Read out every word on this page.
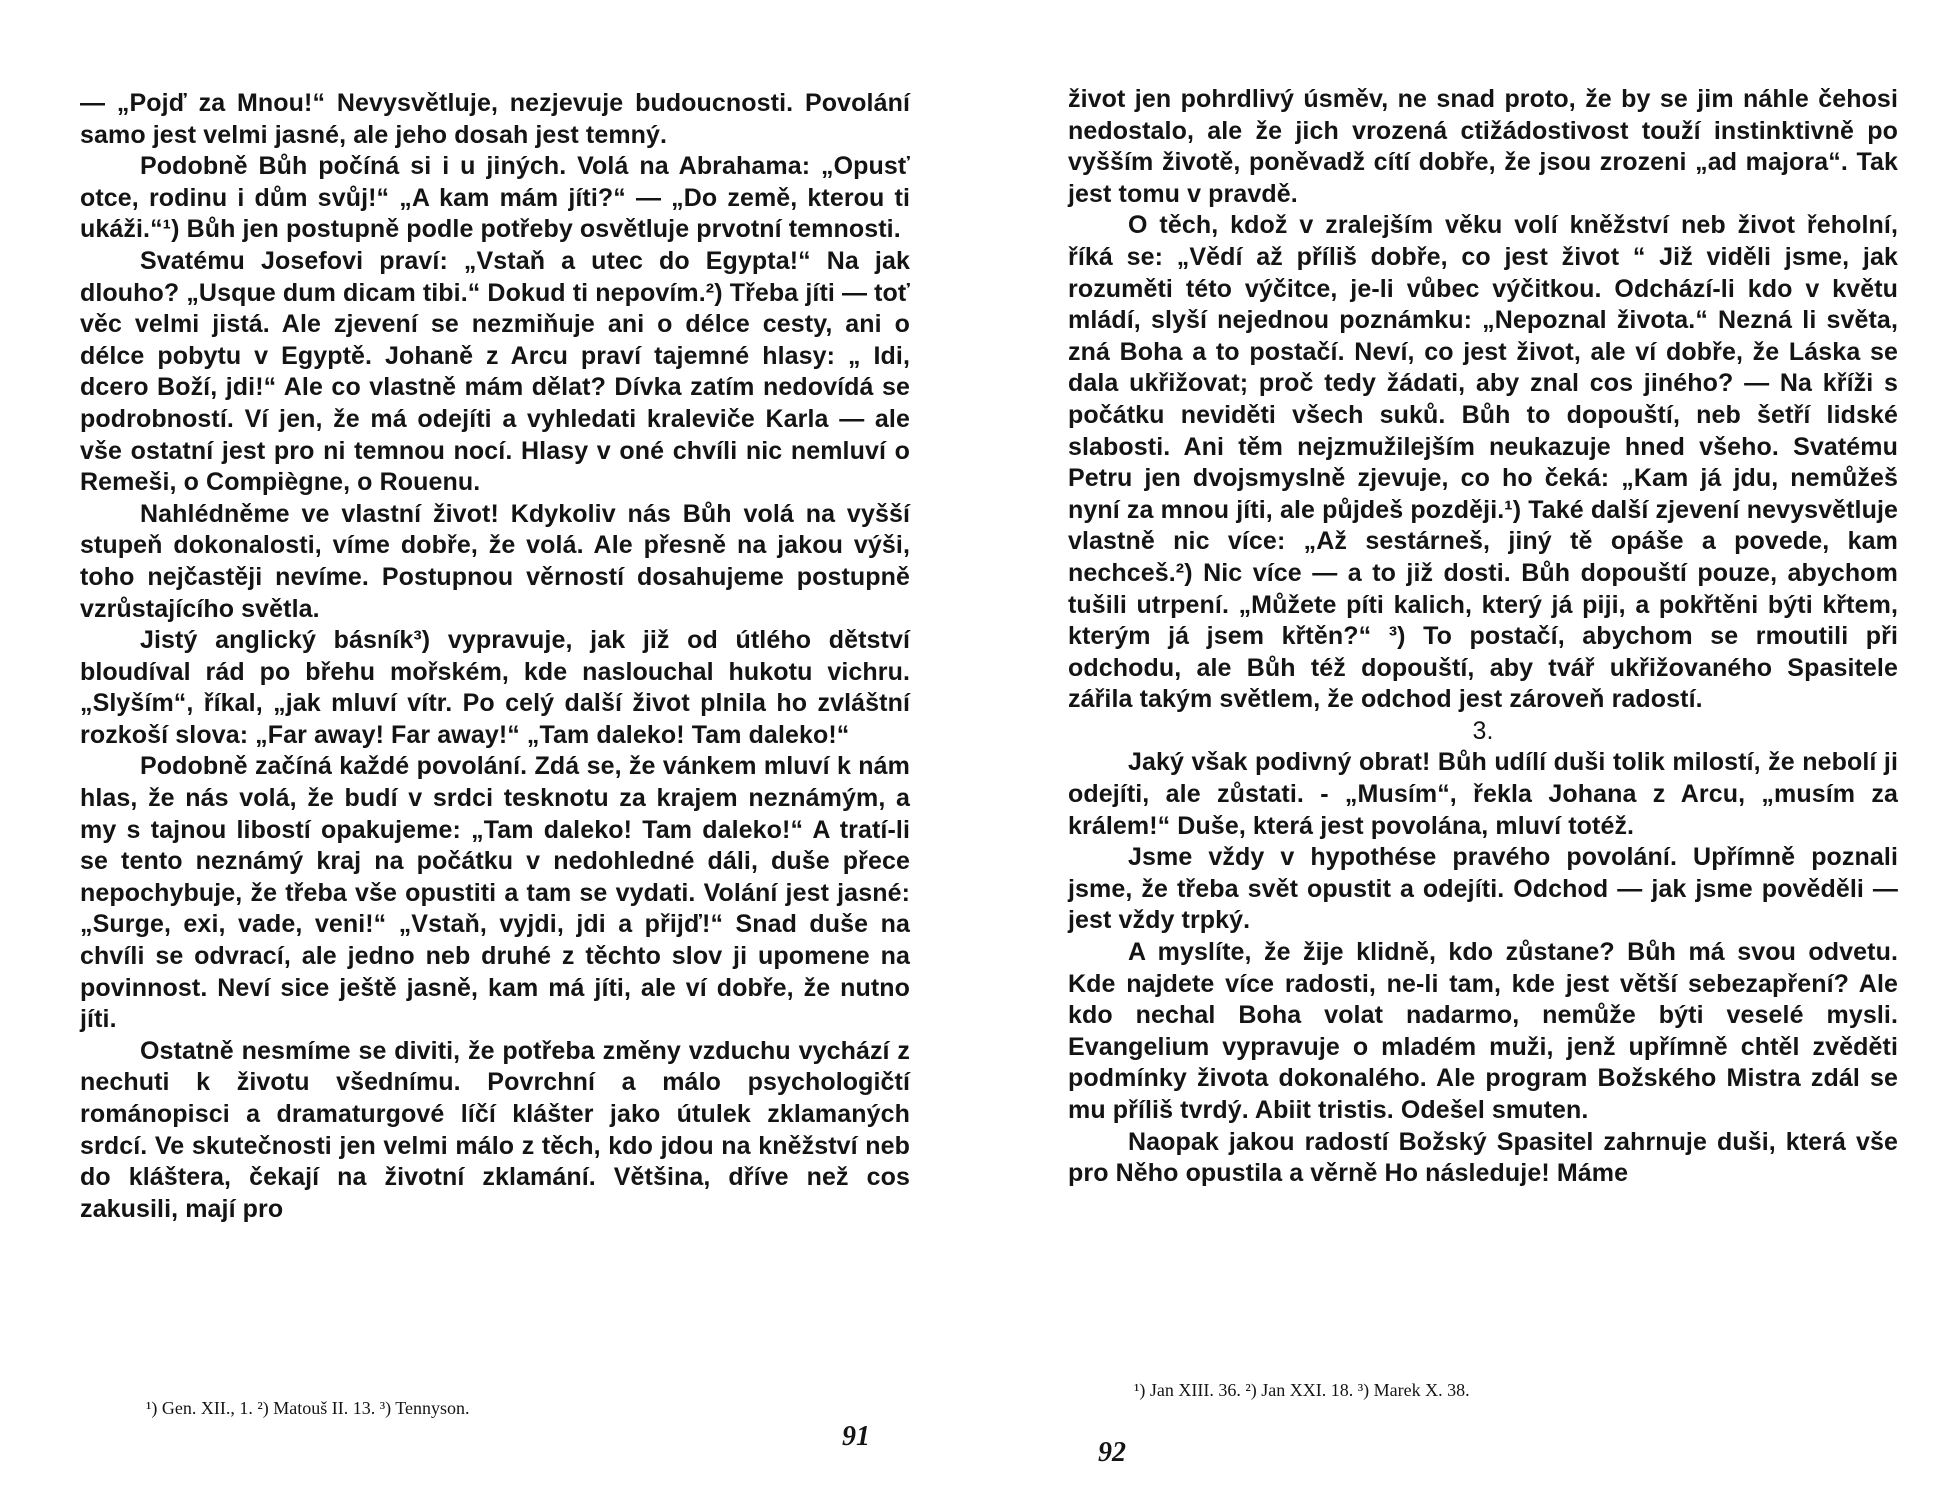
— „Pojď za Mnou!“ Nevysvětluje, nezjevuje budoucnosti. Povolání samo jest velmi jasné, ale jeho dosah jest temný.

Podobně Bůh počíná si i u jiných. Volá na Abrahama: „Opusť otce, rodinu i dům svůj!“ „A kam mám jíti?“ — „Do země, kterou ti ukáži.“¹) Bůh jen postupně podle potřeby osvětluje prvotní temnosti.

Svatému Josefovi praví: „Vstaň a utec do Egypta!“ Na jak dlouho? „Usque dum dicam tibi.“ Dokud ti nepovím.²) Třeba jíti — toť věc velmi jistá. Ale zjevení se nezmiňuje ani o délce cesty, ani o délce pobytu v Egyptě. Johaně z Arcu praví tajemné hlasy: „ Idi, dcero Boží, jdi!“ Ale co vlastně mám dělat? Dívka zatím nedovídá se podrobností. Ví jen, že má odejíti a vyhledati kraleviče Karla — ale vše ostatní jest pro ni temnou nocí. Hlasy v oné chvíli nic nemluví o Remeši, o Compiègne, o Rouenu.

Nahlédněme ve vlastní život! Kdykoliv nás Bůh volá na vyšší stupeň dokonalosti, víme dobře, že volá. Ale přesně na jakou výši, toho nejčastěji nevíme. Postupnou věrností dosahujeme postupně vzrůstajícího světla.

Jistý anglický básník³) vypravuje, jak již od útlého dětství bloudíval rád po břehu mořském, kde naslouchal hukotu vichru. „Slyším“, říkal, „jak mluví vítr. Po celý další život plnila ho zvláštní rozkoší slova: „Far away! Far away!“ „Tam daleko! Tam daleko!“

Podobně začíná každé povolání. Zdá se, že vánkem mluví k nám hlas, že nás volá, že budí v srdci tesknotu za krajem neznámým, a my s tajnou libostí opakujeme: „Tam daleko! Tam daleko!“ A tratí-li se tento neznámý kraj na počátku v nedohledné dáli, duše přece nepochybuje, že třeba vše opustiti a tam se vydati. Volání jest jasné: „Surge, exi, vade, veni!“ „Vstaň, vyjdi, jdi a přijď!“ Snad duše na chvíli se odvrací, ale jedno neb druhé z těchto slov ji upomene na povinnost. Neví sice ještě jasně, kam má jíti, ale ví dobře, že nutno jíti.

Ostatně nesmíme se diviti, že potřeba změny vzduchu vychází z nechuti k životu všednímu. Povrchní a málo psychologičtí románopisci a dramaturgové líčí klášter jako útulek zklamaných srdcí. Ve skutečnosti jen velmi málo z těch, kdo jdou na kněžství neb do kláštera, čekají na životní zklamání. Většina, dříve než cos zakusili, mají pro

¹) Gen. XII., 1. ²) Matouš II. 13. ³) Tennyson.
91

život jen pohrdlivý úsměv, ne snad proto, že by se jim náhle čehosi nedostalo, ale že jich vrozená ctižádostivost touží instinktivně po vyšším životě, poněvadž cítí dobře, že jsou zrozeni „ad majora“. Tak jest tomu v pravdě.

O těch, kdož v zralejším věku volí kněžství neb život řeholní, říká se: „Vědí až příliš dobře, co jest život “ Již viděli jsme, jak rozuměti této výčitce, je-li vůbec výčitkou. Odchází-li kdo v květu mládí, slyší nejednou poznámku: „Nepoznal života.“ Nezná li světa, zná Boha a to postačí. Neví, co jest život, ale ví dobře, že Láska se dala ukřižovat; proč tedy žádati, aby znal cos jiného? — Na kříži s počátku neviděti všech suků. Bůh to dopouští, neb šetří lidské slabosti. Ani těm nejzmužilejším neukazuje hned všeho. Svatému Petru jen dvojsmyslně zjevuje, co ho čeká: „Kam já jdu, nemůžeš nyní za mnou jíti, ale půjdeš později.¹) Také další zjevení nevysvětluje vlastně nic více: „Až sestárneš, jiný tě opáše a povede, kam nechceš.²) Nic více — a to již dosti. Bůh dopouští pouze, abychom tušili utrpení. „Můžete píti kalich, který já piji, a pokřtěni býti křtem, kterým já jsem křtěn?“ ³) To postačí, abychom se rmoutili při odchodu, ale Bůh též dopouští, aby tvář ukřižovaného Spasitele zářila takým světlem, že odchod jest zároveň radostí.

3.

Jaký však podivný obrat! Bůh udílí duši tolik milostí, že nebolí ji odejíti, ale zůstati. - „Musím“, řekla Johana z Arcu, „musím za králem!“ Duše, která jest povolána, mluví totéž.

Jsme vždy v hypothése pravého povolání. Upřímně poznali jsme, že třeba svět opustit a odejíti. Odchod — jak jsme pověděli — jest vždy trpký.

A myslíte, že žije klidně, kdo zůstane? Bůh má svou odvetu. Kde najdete více radosti, ne-li tam, kde jest větší sebezapření? Ale kdo nechal Boha volat nadarmo, nemůže býti veselé mysli. Evangelium vypravuje o mladém muži, jenž upřímně chtěl zvěděti podmínky života dokonalého. Ale program Božského Mistra zdál se mu příliš tvrdý. Abiit tristis. Odešel smuten.

Naopak jakou radostí Božský Spasitel zahrnuje duši, která vše pro Něho opustila a věrně Ho následuje! Máme

¹) Jan XIII. 36. ²) Jan XXI. 18. ³) Marek X. 38.
92
